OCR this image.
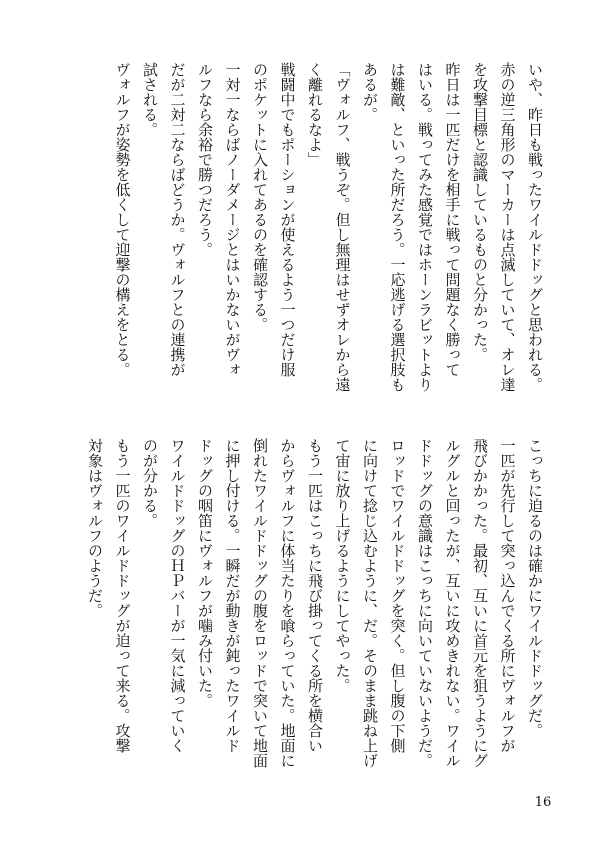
いや、昨日も戦ったワイルドドッグと思われる。
赤の逆三角形のマーカーは点滅していて、オレ達
を攻撃目標と認識しているものと分かった。
昨日は一匹だけを相手に戦って問題なく勝って
はいる。戦ってみた感覚ではホーンラビットより
は難敵、といった所だろう。一応逃げる選択肢も
あるが。
「ヴォルフ、戦うぞ。但し無理はせずオレから遠
く離れるなよ」
戦闘中でもポーションが使えるよう一つだけ服
のポケットに入れてあるのを確認する。
一対一ならばノーダメージとはいかないがヴォ
ルフなら余裕で勝つだろう。
だが二対二ならばどうか。ヴォルフとの連携が
試される。
ヴォルフが姿勢を低くして迎撃の構えをとる。
こっちに迫るのは確かにワイルドドッグだ。
一匹が先行して突っ込んでくる所にヴォルフが
飛びかかった。最初、互いに首元を狙うようにグ
ルグルと回ったが、互いに攻めきれない。ワイル
ドドッグの意識はこっちに向いていないようだ。
ロッドでワイルドドッグを突く。但し腹の下側
に向けて捻じ込むように、だ。そのまま跳ね上げ
て宙に放り上げるようにしてやった。
もう一匹はこっちに飛び掛ってくる所を横合い
からヴォルフに体当たりを喰らっていた。地面に
倒れたワイルドドッグの腹をロッドで突いて地面
に押し付ける。一瞬だが動きが鈍ったワイルド
ドッグの咽笛にヴォルフが噛み付いた。
ワイルドドッグのＨＰバーが一気に減っていく
のが分かる。
もう一匹のワイルドドッグが迫って来る。攻撃
対象はヴォルフのようだ。
16
